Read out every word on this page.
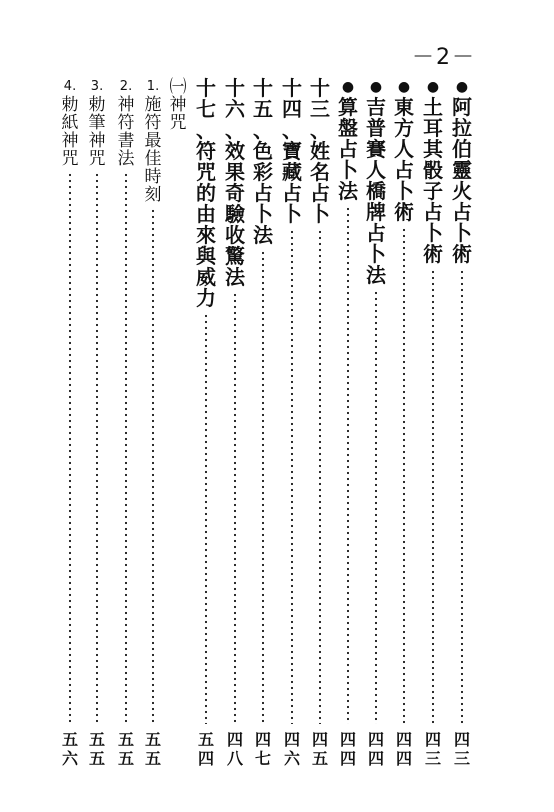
－2－
●
阿
拉
伯
靈
火
占
卜
術
四
三
●
土
耳
其
骰
子
占
卜
術
四
三
●
東
方
人
占
卜
術
四
四
●
吉
普
賽
人
橋
牌
占
卜
法
四
四
●
算
盤
占
卜
法
四
四
十
三
、
姓
名
占
卜
四
五
十
四
、
寶
藏
占
卜
四
六
十
五
、
色
彩
占
卜
法
四
七
十
六
、
效
果
奇
驗
收
驚
法
四
八
十
七
、
符
咒
的
由
來
與
威
力
五
四
㈠
神
咒
1.
施
符
最
佳
時
刻
五
五
2.
神
符
書
法
五
五
3.
勅
筆
神
咒
五
五
4.
勅
紙
神
咒
五
六
